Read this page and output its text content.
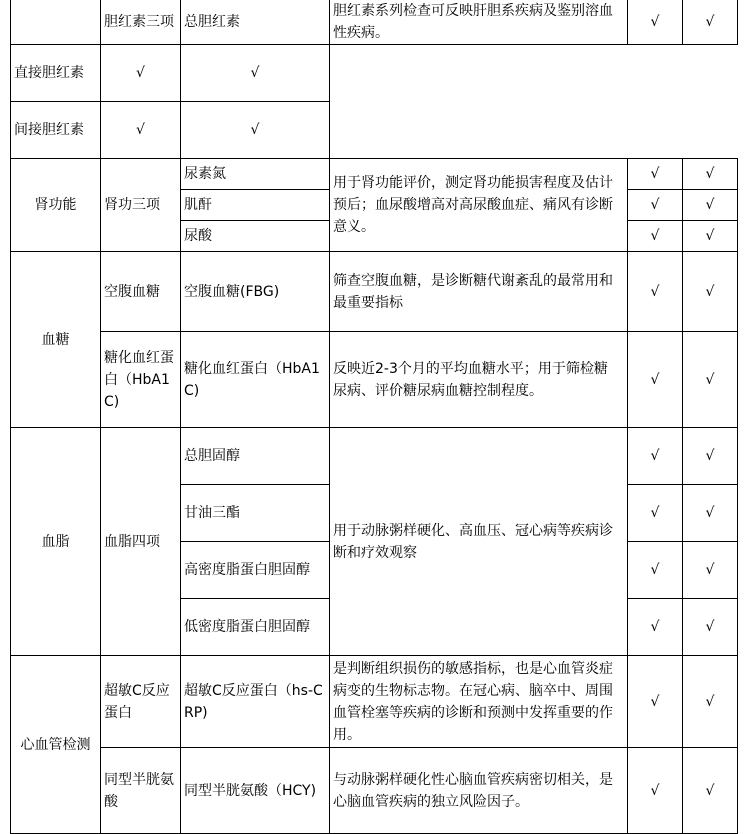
	胆红素三项	总胆红素	胆红素系列检查可反映肝胆系疾病及鉴别溶血性疾病。	√	√
直接胆红素	√	√			
间接胆红素	√	√			
肾功能	肾功三项	尿素氮	用于肾功能评价，测定肾功能损害程度及估计预后；血尿酸增高对高尿酸血症、痛风有诊断意义。	√	√
		肌酐		√	√
		尿酸		√	√
血糖	空腹血糖	空腹血糖(FBG)	筛查空腹血糖，是诊断糖代谢紊乱的最常用和最重要指标	√	√
	糖化血红蛋白（HbA1C)	糖化血红蛋白（HbA1C)	反映近2-3个月的平均血糖水平；用于筛检糖尿病、评价糖尿病血糖控制程度。	√	√
血脂	血脂四项	总胆固醇	用于动脉粥样硬化、高血压、冠心病等疾病诊断和疗效观察	√	√
		甘油三酯		√	√
		高密度脂蛋白胆固醇		√	√
		低密度脂蛋白胆固醇		√	√
心血管检测	超敏C反应蛋白	超敏C反应蛋白（hs-CRP)	是判断组织损伤的敏感指标，也是心血管炎症病变的生物标志物。在冠心病、脑卒中、周围血管栓塞等疾病的诊断和预测中发挥重要的作用。	√	√
	同型半胱氨酸	同型半胱氨酸（HCY)	与动脉粥样硬化性心脑血管疾病密切相关，是心脑血管疾病的独立风险因子。	√	√
